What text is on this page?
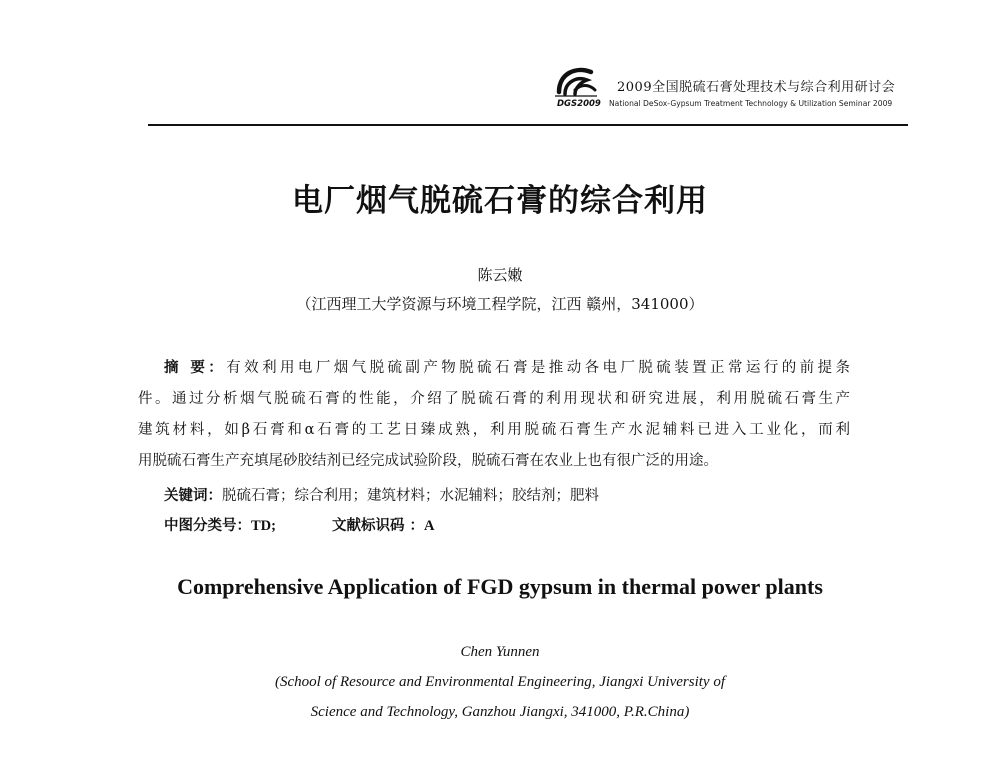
DGS2009
2009全国脱硫石膏处理技术与综合利用研讨会
National DeSox-Gypsum Treatment Technology & Utilization Seminar 2009
电厂烟气脱硫石膏的综合利用
陈云嫩
（江西理工大学资源与环境工程学院，江西 赣州，341000）
摘 要：有效利用电厂烟气脱硫副产物脱硫石膏是推动各电厂脱硫装置正常运行的前提条
件。通过分析烟气脱硫石膏的性能，介绍了脱硫石膏的利用现状和研究进展，利用脱硫石膏生产
建筑材料，如β石膏和α石膏的工艺日臻成熟，利用脱硫石膏生产水泥辅料已进入工业化，而利
用脱硫石膏生产充填尾砂胶结剂已经完成试验阶段，脱硫石膏在农业上也有很广泛的用途。
关键词：脱硫石膏；综合利用；建筑材料；水泥辅料；胶结剂；肥料
中图分类号：TD;	文献标识码 ：A
Comprehensive Application of FGD gypsum in thermal power plants
Chen Yunnen
(School of Resource and Environmental Engineering, Jiangxi University of
Science and Technology, Ganzhou Jiangxi, 341000, P.R.China)
